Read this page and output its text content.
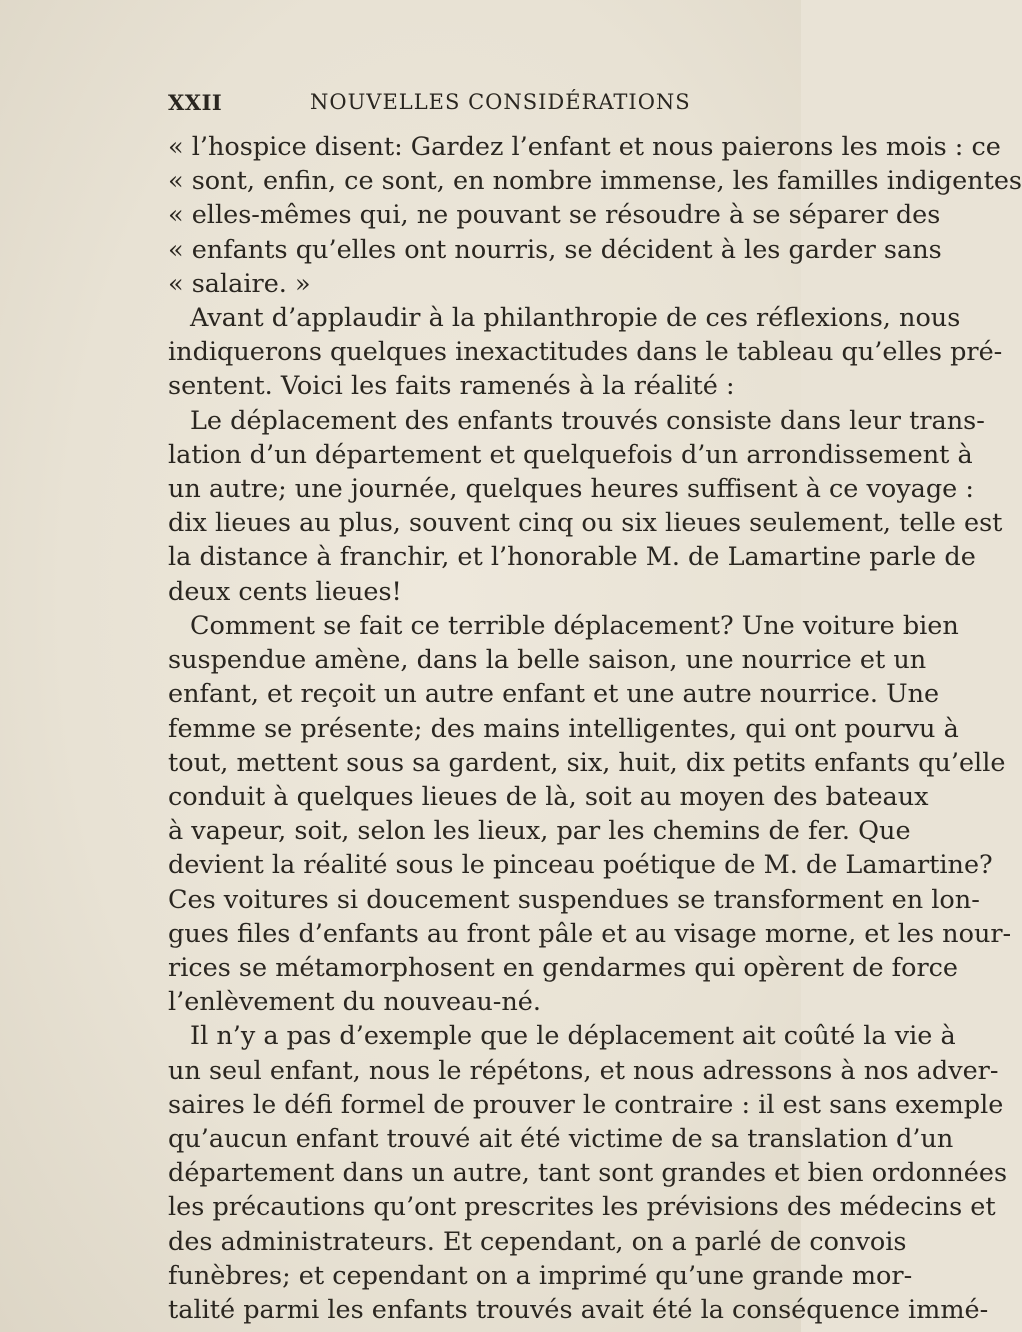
XXII	NOUVELLES CONSIDÉRATIONS
« l’hospice disent: Gardez l’enfant et nous paierons les mois : ce
« sont, enfin, ce sont, en nombre immense, les familles indigentes
« elles-mêmes qui, ne pouvant se résoudre à se séparer des
« enfants qu’elles ont nourris, se décident à les garder sans
« salaire. »
Avant d’applaudir à la philanthropie de ces réflexions, nous
indiquerons quelques inexactitudes dans le tableau qu’elles pré-
sentent. Voici les faits ramenés à la réalité :
Le déplacement des enfants trouvés consiste dans leur trans-
lation d’un département et quelquefois d’un arrondissement à
un autre; une journée, quelques heures suffisent à ce voyage :
dix lieues au plus, souvent cinq ou six lieues seulement, telle est
la distance à franchir, et l’honorable M. de Lamartine parle de
deux cents lieues!
Comment se fait ce terrible déplacement? Une voiture bien
suspendue amène, dans la belle saison, une nourrice et un
enfant, et reçoit un autre enfant et une autre nourrice. Une
femme se présente; des mains intelligentes, qui ont pourvu à
tout, mettent sous sa gardent, six, huit, dix petits enfants qu’elle
conduit à quelques lieues de là, soit au moyen des bateaux
à vapeur, soit, selon les lieux, par les chemins de fer. Que
devient la réalité sous le pinceau poétique de M. de Lamartine?
Ces voitures si doucement suspendues se transforment en lon-
gues files d’enfants au front pâle et au visage morne, et les nour-
rices se métamorphosent en gendarmes qui opèrent de force
l’enlèvement du nouveau-né.
Il n’y a pas d’exemple que le déplacement ait coûté la vie à
un seul enfant, nous le répétons, et nous adressons à nos adver-
saires le défi formel de prouver le contraire : il est sans exemple
qu’aucun enfant trouvé ait été victime de sa translation d’un
département dans un autre, tant sont grandes et bien ordonnées
les précautions qu’ont prescrites les prévisions des médecins et
des administrateurs. Et cependant, on a parlé de convois
funèbres; et cependant on a imprimé qu’une grande mor-
talité parmi les enfants trouvés avait été la conséquence immé-
